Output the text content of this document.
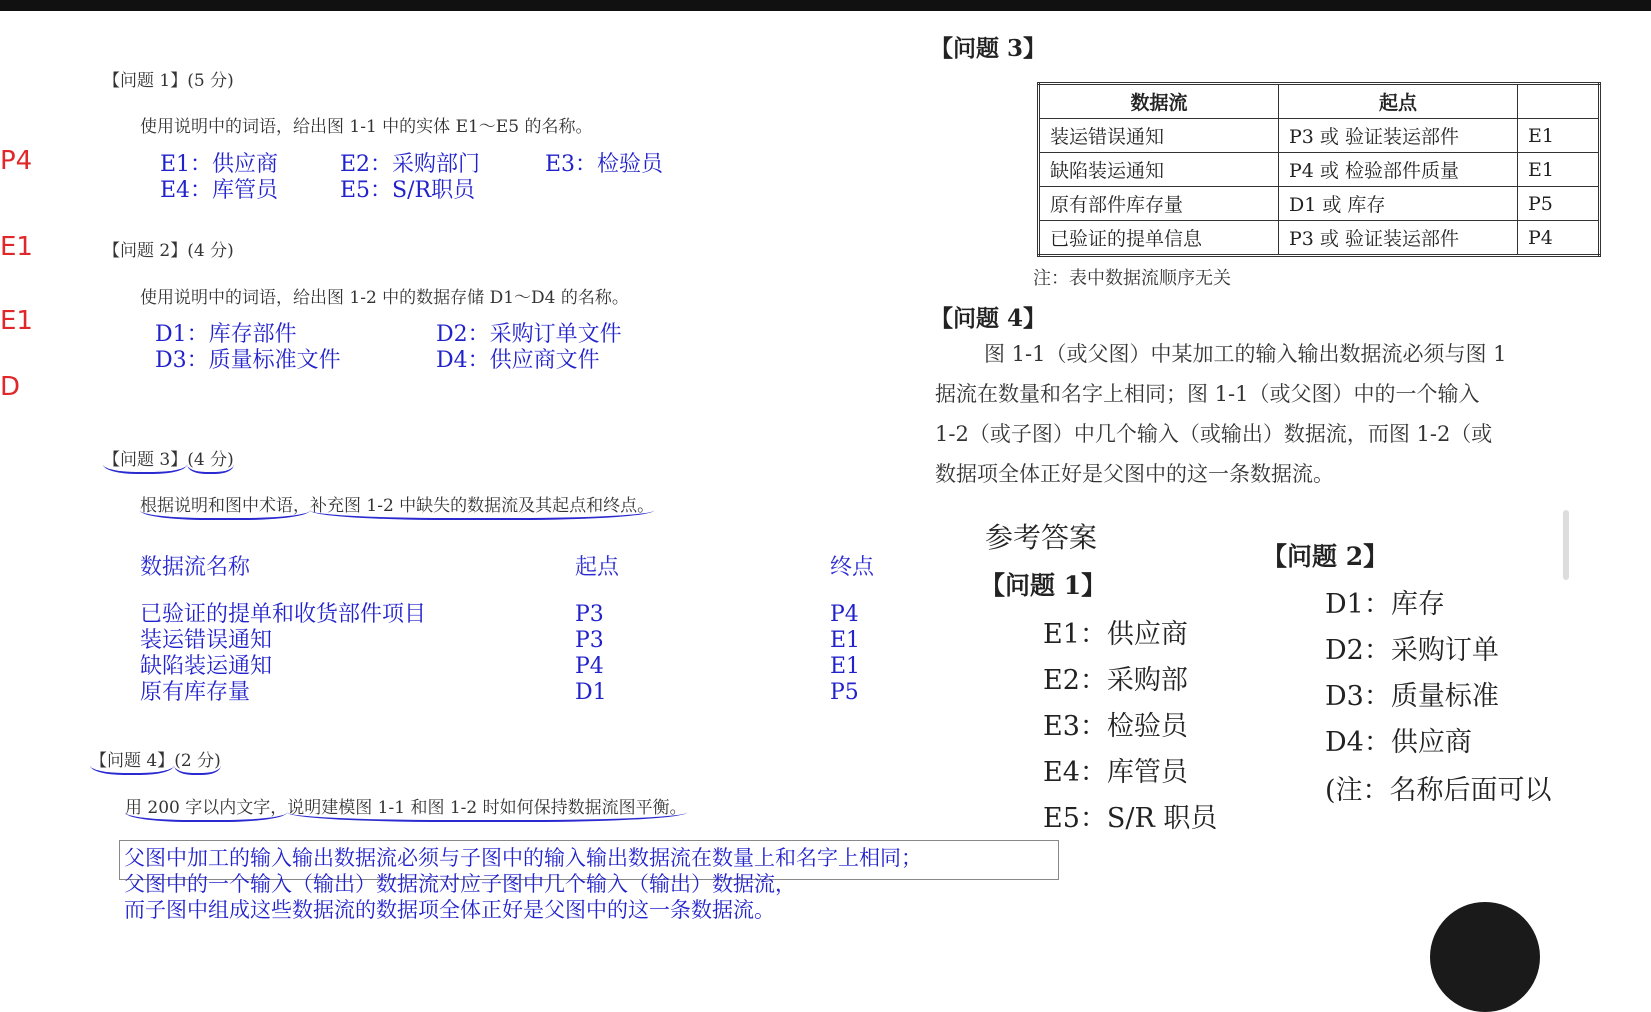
P4
E1
E1
D
【问题 1】(5 分)
使用说明中的词语，给出图 1-1 中的实体 E1～E5 的名称。
E1：供应商	E2：采购部门	E3：检验员
E4：库管员	E5：S/R职员
【问题 2】(4 分)
使用说明中的词语，给出图 1-2 中的数据存储 D1～D4 的名称。
D1：库存部件	D2：采购订单文件
D3：质量标准文件	D4：供应商文件
【问题 3】(4 分)
根据说明和图中术语，补充图 1-2 中缺失的数据流及其起点和终点。
数据流名称	起点	终点
已验证的提单和收货部件项目	P3	P4
装运错误通知	P3	E1
缺陷装运通知	P4	E1
原有库存量	D1	P5
【问题 4】(2 分)
用 200 字以内文字，说明建模图 1-1 和图 1-2 时如何保持数据流图平衡。
父图中加工的输入输出数据流必须与子图中的输入输出数据流在数量上和名字上相同；
父图中的一个输入（输出）数据流对应子图中几个输入（输出）数据流，
而子图中组成这些数据流的数据项全体正好是父图中的这一条数据流。
【问题 3】
数据流	起点	
装运错误通知	P3 或 验证装运部件	E1
缺陷装运通知	P4 或 检验部件质量	E1
原有部件库存量	D1 或 库存	P5
已验证的提单信息	P3 或 验证装运部件	P4
注：表中数据流顺序无关
【问题 4】
图 1-1（或父图）中某加工的输入输出数据流必须与图 1
据流在数量和名字上相同；图 1-1（或父图）中的一个输入
1-2（或子图）中几个输入（或输出）数据流，而图 1-2（或
数据项全体正好是父图中的这一条数据流。
参考答案
【问题 1】
E1：供应商
E2：采购部
E3：检验员
E4：库管员
E5：S/R 职员
【问题 2】
D1：库存
D2：采购订单
D3：质量标准
D4：供应商
(注：名称后面可以
